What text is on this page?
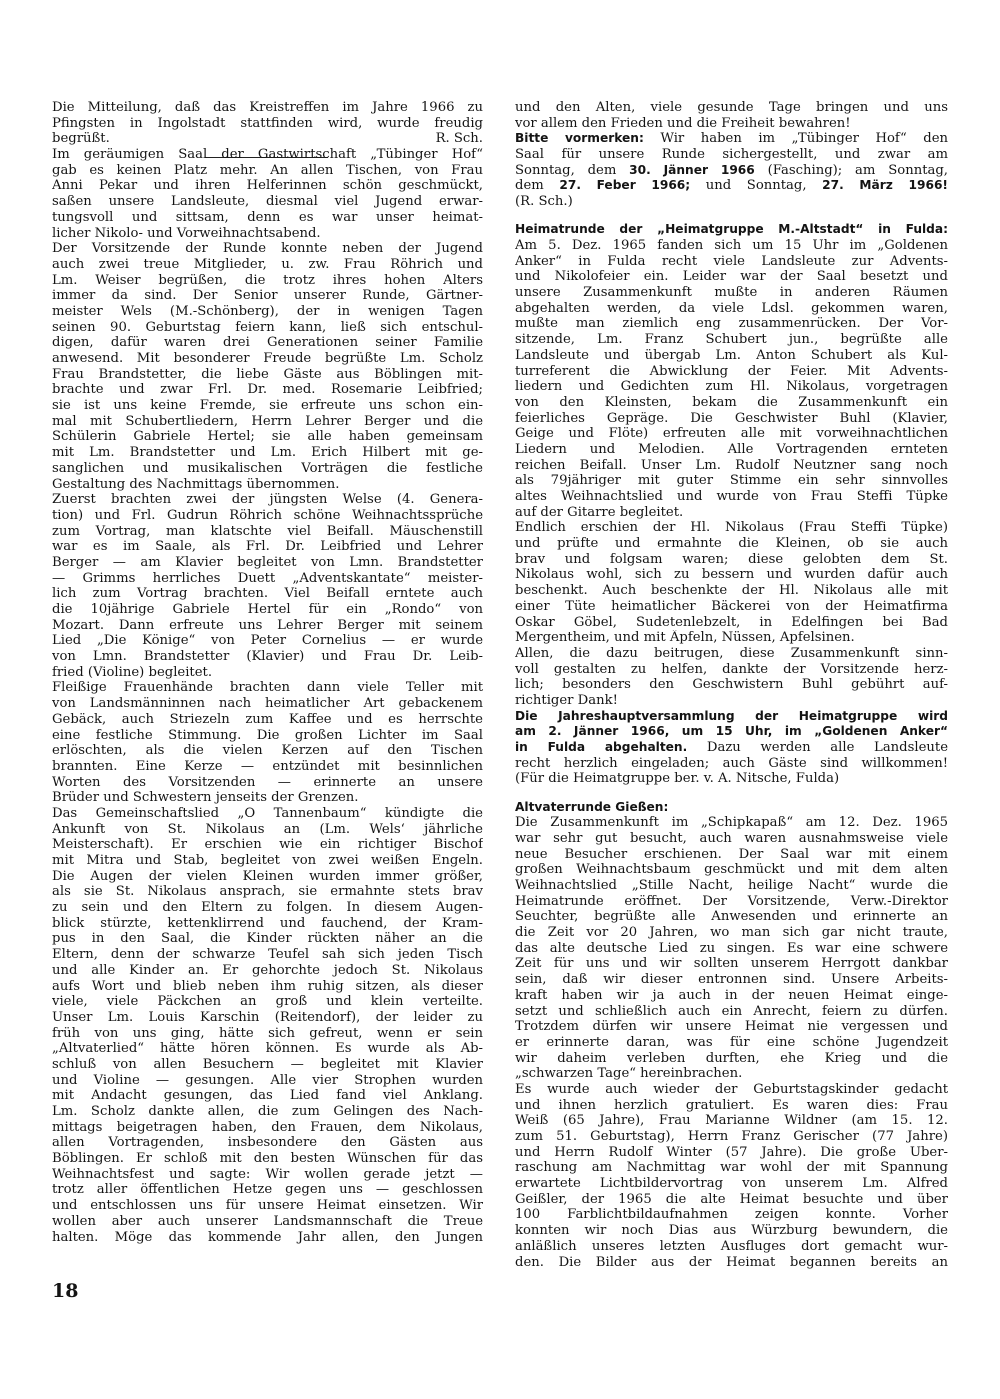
Die Mitteilung, daß das Kreistreffen im Jahre 1966 zu
Pfingsten in Ingolstadt stattfinden wird, wurde freudig
begrüßt.	R. Sch.
Im geräumigen Saal der Gastwirtschaft „Tübinger Hof“
gab es keinen Platz mehr. An allen Tischen, von Frau
Anni Pekar und ihren Helferinnen schön geschmückt,
saßen unsere Landsleute, diesmal viel Jugend erwar-
tungsvoll und sittsam, denn es war unser heimat-
licher Nikolo- und Vorweihnachtsabend.
Der Vorsitzende der Runde konnte neben der Jugend
auch zwei treue Mitglieder, u. zw. Frau Röhrich und
Lm. Weiser begrüßen, die trotz ihres hohen Alters
immer da sind. Der Senior unserer Runde, Gärtner-
meister Wels (M.-Schönberg), der in wenigen Tagen
seinen 90. Geburtstag feiern kann, ließ sich entschul-
digen, dafür waren drei Generationen seiner Familie
anwesend. Mit besonderer Freude begrüßte Lm. Scholz
Frau Brandstetter, die liebe Gäste aus Böblingen mit-
brachte und zwar Frl. Dr. med. Rosemarie Leibfried;
sie ist uns keine Fremde, sie erfreute uns schon ein-
mal mit Schubertliedern, Herrn Lehrer Berger und die
Schülerin Gabriele Hertel; sie alle haben gemeinsam
mit Lm. Brandstetter und Lm. Erich Hilbert mit ge-
sanglichen und musikalischen Vorträgen die festliche
Gestaltung des Nachmittags übernommen.
Zuerst brachten zwei der jüngsten Welse (4. Genera-
tion) und Frl. Gudrun Röhrich schöne Weihnachtssprüche
zum Vortrag, man klatschte viel Beifall. Mäuschenstill
war es im Saale, als Frl. Dr. Leibfried und Lehrer
Berger — am Klavier begleitet von Lmn. Brandstetter
— Grimms herrliches Duett „Adventskantate“ meister-
lich zum Vortrag brachten. Viel Beifall erntete auch
die 10jährige Gabriele Hertel für ein „Rondo“ von
Mozart. Dann erfreute uns Lehrer Berger mit seinem
Lied „Die Könige“ von Peter Cornelius — er wurde
von Lmn. Brandstetter (Klavier) und Frau Dr. Leib-
fried (Violine) begleitet.
Fleißige Frauenhände brachten dann viele Teller mit
von Landsmänninnen nach heimatlicher Art gebackenem
Gebäck, auch Striezeln zum Kaffee und es herrschte
eine festliche Stimmung. Die großen Lichter im Saal
erlöschten, als die vielen Kerzen auf den Tischen
brannten. Eine Kerze — entzündet mit besinnlichen
Worten des Vorsitzenden — erinnerte an unsere
Brüder und Schwestern jenseits der Grenzen.
Das Gemeinschaftslied „O Tannenbaum“ kündigte die
Ankunft von St. Nikolaus an (Lm. Wels‘ jährliche
Meisterschaft). Er erschien wie ein richtiger Bischof
mit Mitra und Stab, begleitet von zwei weißen Engeln.
Die Augen der vielen Kleinen wurden immer größer,
als sie St. Nikolaus ansprach, sie ermahnte stets brav
zu sein und den Eltern zu folgen. In diesem Augen-
blick stürzte, kettenklirrend und fauchend, der Kram-
pus in den Saal, die Kinder rückten näher an die
Eltern, denn der schwarze Teufel sah sich jeden Tisch
und alle Kinder an. Er gehorchte jedoch St. Nikolaus
aufs Wort und blieb neben ihm ruhig sitzen, als dieser
viele, viele Päckchen an groß und klein verteilte.
Unser Lm. Louis Karschin (Reitendorf), der leider zu
früh von uns ging, hätte sich gefreut, wenn er sein
„Altvaterlied“ hätte hören können. Es wurde als Ab-
schluß von allen Besuchern — begleitet mit Klavier
und Violine — gesungen. Alle vier Strophen wurden
mit Andacht gesungen, das Lied fand viel Anklang.
Lm. Scholz dankte allen, die zum Gelingen des Nach-
mittags beigetragen haben, den Frauen, dem Nikolaus,
allen Vortragenden, insbesondere den Gästen aus
Böblingen. Er schloß mit den besten Wünschen für das
Weihnachtsfest und sagte: Wir wollen gerade jetzt —
trotz aller öffentlichen Hetze gegen uns — geschlossen
und entschlossen uns für unsere Heimat einsetzen. Wir
wollen aber auch unserer Landsmannschaft die Treue
halten. Möge das kommende Jahr allen, den Jungen
und den Alten, viele gesunde Tage bringen und uns
vor allem den Frieden und die Freiheit bewahren!
Bitte vormerken: Wir haben im „Tübinger Hof“ den
Saal für unsere Runde sichergestellt, und zwar am
Sonntag, dem 30. Jänner 1966 (Fasching); am Sonntag,
dem 27. Feber 1966; und Sonntag, 27. März 1966!
(R. Sch.)
Heimatrunde der „Heimatgruppe M.-Altstadt“ in Fulda:
Am 5. Dez. 1965 fanden sich um 15 Uhr im „Goldenen
Anker“ in Fulda recht viele Landsleute zur Advents-
und Nikolofeier ein. Leider war der Saal besetzt und
unsere Zusammenkunft mußte in anderen Räumen
abgehalten werden, da viele Ldsl. gekommen waren,
mußte man ziemlich eng zusammenrücken. Der Vor-
sitzende, Lm. Franz Schubert jun., begrüßte alle
Landsleute und übergab Lm. Anton Schubert als Kul-
turreferent die Abwicklung der Feier. Mit Advents-
liedern und Gedichten zum Hl. Nikolaus, vorgetragen
von den Kleinsten, bekam die Zusammenkunft ein
feierliches Gepräge. Die Geschwister Buhl (Klavier,
Geige und Flöte) erfreuten alle mit vorweihnachtlichen
Liedern und Melodien. Alle Vortragenden ernteten
reichen Beifall. Unser Lm. Rudolf Neutzner sang noch
als 79jähriger mit guter Stimme ein sehr sinnvolles
altes Weihnachtslied und wurde von Frau Steffi Tüpke
auf der Gitarre begleitet.
Endlich erschien der Hl. Nikolaus (Frau Steffi Tüpke)
und prüfte und ermahnte die Kleinen, ob sie auch
brav und folgsam waren; diese gelobten dem St.
Nikolaus wohl, sich zu bessern und wurden dafür auch
beschenkt. Auch beschenkte der Hl. Nikolaus alle mit
einer Tüte heimatlicher Bäckerei von der Heimatfirma
Oskar Göbel, Sudetenlebzelt, in Edelfingen bei Bad
Mergentheim, und mit Äpfeln, Nüssen, Apfelsinen.
Allen, die dazu beitrugen, diese Zusammenkunft sinn-
voll gestalten zu helfen, dankte der Vorsitzende herz-
lich; besonders den Geschwistern Buhl gebührt auf-
richtiger Dank!
Die Jahreshauptversammlung der Heimatgruppe wird
am 2. Jänner 1966, um 15 Uhr, im „Goldenen Anker“
in Fulda abgehalten. Dazu werden alle Landsleute
recht herzlich eingeladen; auch Gäste sind willkommen!
(Für die Heimatgruppe ber. v. A. Nitsche, Fulda)
Altvaterrunde Gießen:
Die Zusammenkunft im „Schipkapaß“ am 12. Dez. 1965
war sehr gut besucht, auch waren ausnahmsweise viele
neue Besucher erschienen. Der Saal war mit einem
großen Weihnachtsbaum geschmückt und mit dem alten
Weihnachtslied „Stille Nacht, heilige Nacht“ wurde die
Heimatrunde eröffnet. Der Vorsitzende, Verw.-Direktor
Seuchter, begrüßte alle Anwesenden und erinnerte an
die Zeit vor 20 Jahren, wo man sich gar nicht traute,
das alte deutsche Lied zu singen. Es war eine schwere
Zeit für uns und wir sollten unserem Herrgott dankbar
sein, daß wir dieser entronnen sind. Unsere Arbeits-
kraft haben wir ja auch in der neuen Heimat einge-
setzt und schließlich auch ein Anrecht, feiern zu dürfen.
Trotzdem dürfen wir unsere Heimat nie vergessen und
er erinnerte daran, was für eine schöne Jugendzeit
wir daheim verleben durften, ehe Krieg und die
„schwarzen Tage“ hereinbrachen.
Es wurde auch wieder der Geburtstagskinder gedacht
und ihnen herzlich gratuliert. Es waren dies: Frau
Weiß (65 Jahre), Frau Marianne Wildner (am 15. 12.
zum 51. Geburtstag), Herrn Franz Gerischer (77 Jahre)
und Herrn Rudolf Winter (57 Jahre). Die große Über-
raschung am Nachmittag war wohl der mit Spannung
erwartete Lichtbildervortrag von unserem Lm. Alfred
Geißler, der 1965 die alte Heimat besuchte und über
100 Farblichtbildaufnahmen zeigen konnte. Vorher
konnten wir noch Dias aus Würzburg bewundern, die
anläßlich unseres letzten Ausfluges dort gemacht wur-
den. Die Bilder aus der Heimat begannen bereits an
18
